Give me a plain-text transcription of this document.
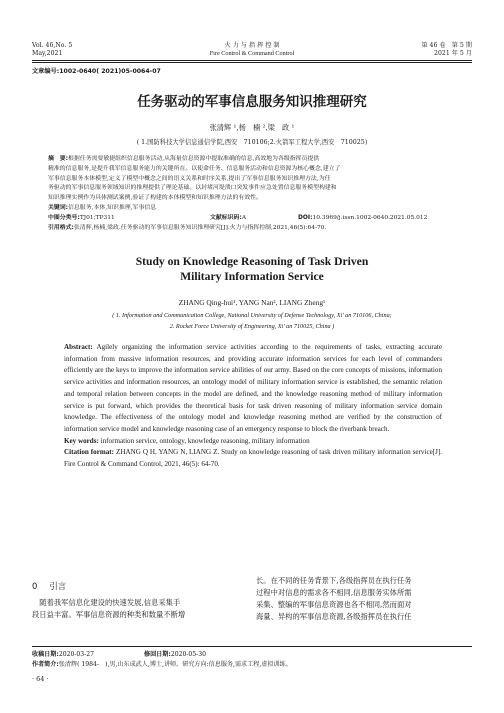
Vol. 46,No. 5
May,2021
火 力 与 指 挥 控 制
Fire Control & Command Control
第 46 卷　第 5 期
2021 年 5 月
文章编号:1002-0640( 2021)05-0064-07
任务驱动的军事信息服务知识推理研究
张清辉 ¹,杨　楠 ²,梁　政 ¹
( 1.国防科技大学信息通信学院,西安　710106;2.火箭军工程大学,西安　710025)
摘　要:根据任务需要敏捷组织信息服务活动,从海量信息资源中提取准确的信息,高效地为各级指挥员提供
精准的信息服务,是提升我军信息服务能力的关键所在。以使命任务、信息服务活动和信息资源为核心概念,建立了
军事信息服务本体模型,定义了模型中概念之间的语义关系和时序关系,提出了军事信息服务知识推理方法,为任
务驱动的军事信息服务领域知识的推理提供了理论基础。以封堵河堤溃口突发事件应急处置信息服务模型构建和
知识推理实例作为具体测试案例,验证了构建的本体模型和知识推理方法的有效性。
关键词:信息服务,本体,知识推理,军事信息
中图分类号:TJ01;TP311	文献标识码:A	DOI:10.3969/j.issn.1002-0640.2021.05.012
引用格式:张清辉,杨楠,梁政.任务驱动的军事信息服务知识推理研究[J].火力与指挥控制,2021,46(5):64-70.
Study on Knowledge Reasoning of Task Driven
Military Information Service
ZHANG Qing-hui¹, YANG Nan², LIANG Zheng¹
( 1. Information and Communication College, National University of Defense Technology, Xi' an 710106, China;
2. Rocket Force University of Engineering, Xi' an 710025, China )
Abstract: Agilely organizing the information service activities according to the requirements of tasks, extracting accurate information from massive information resources, and providing accurate information services for each level of commanders efficiently are the keys to improve the information service abilities of our army. Based on the core concepts of missions, information service activities and information resources, an ontology model of military information service is established, the semantic relation and temporal relation between concepts in the model are defined, and the knowledge reasoning method of military information service is put forward, which provides the theoretical basis for task driven reasoning of military information service domain knowledge. The effectiveness of the ontology model and knowledge reasoning method are verified by the construction of information service model and knowledge reasoning case of an emergency response to block the riverbank breach.
Key words: information service, ontology, knowledge reasoning, military information
Citation format: ZHANG Q H, YANG N, LIANG Z. Study on knowledge reasoning of task driven military information service[J]. Fire Control & Command Control, 2021, 46(5): 64-70.
0 引言
　随着我军信息化建设的快速发展,信息采集手
段日益丰富。军事信息资源的种类和数量不断增
长。在不同的任务背景下,各级指挥员在执行任务
过程中对信息的需求各不相同,信息服务实体所需
采集、整编的军事信息资源也各不相同,然而面对
海量、异构的军事信息资源,各级指挥员在执行任
收稿日期:2020-03-27	修回日期:2020-05-30
作者简介:张清辉( 1984-　),男,山东成武人,博士,讲师。研究方向:信息服务,需求工程,虚拟训练。
· 64 ·
